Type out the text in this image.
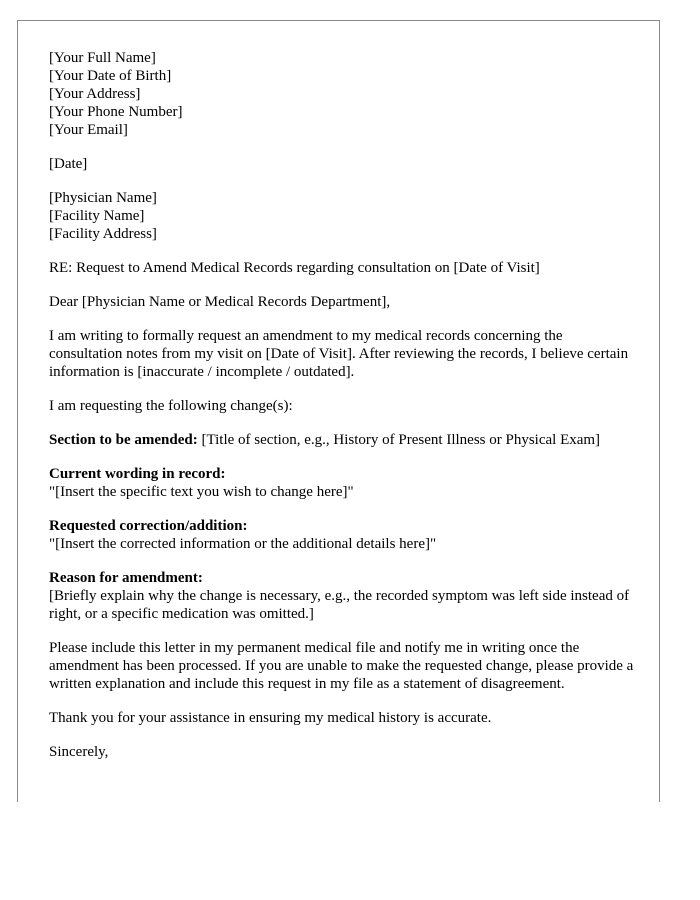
[Your Full Name]
[Your Date of Birth]
[Your Address]
[Your Phone Number]
[Your Email]

[Date]

[Physician Name]
[Facility Name]
[Facility Address]

RE: Request to Amend Medical Records regarding consultation on [Date of Visit]

Dear [Physician Name or Medical Records Department],

I am writing to formally request an amendment to my medical records concerning the consultation notes from my visit on [Date of Visit]. After reviewing the records, I believe certain information is [inaccurate / incomplete / outdated].

I am requesting the following change(s):

Section to be amended: [Title of section, e.g., History of Present Illness or Physical Exam]

Current wording in record:
"[Insert the specific text you wish to change here]"
Requested correction/addition:
"[Insert the corrected information or the additional details here]"
Reason for amendment:
[Briefly explain why the change is necessary, e.g., the recorded symptom was left side instead of right, or a specific medication was omitted.]

Please include this letter in my permanent medical file and notify me in writing once the amendment has been processed. If you are unable to make the requested change, please provide a written explanation and include this request in my file as a statement of disagreement.

Thank you for your assistance in ensuring my medical history is accurate.

Sincerely,
